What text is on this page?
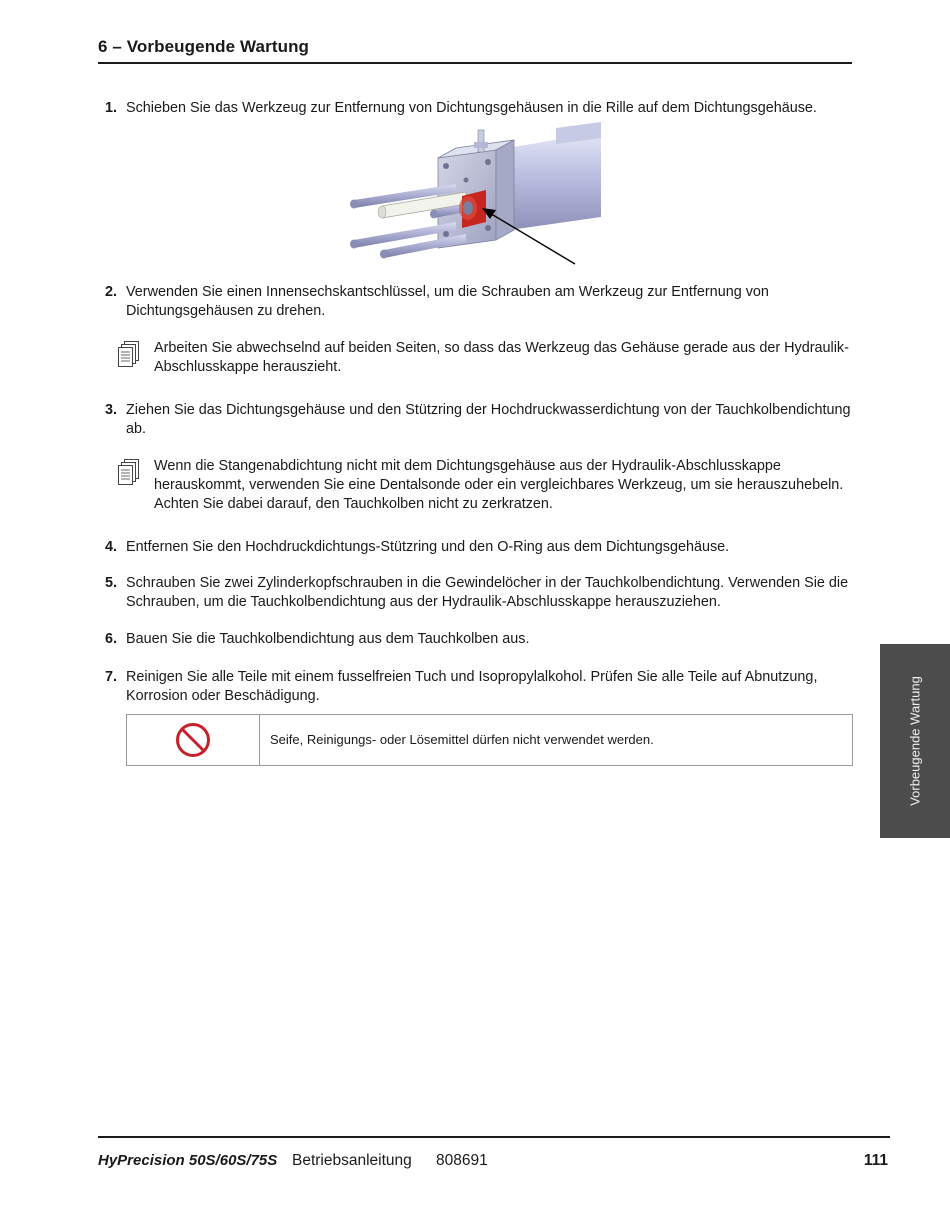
6 – Vorbeugende Wartung
1. Schieben Sie das Werkzeug zur Entfernung von Dichtungsgehäusen in die Rille auf dem Dichtungsgehäuse.
2. Verwenden Sie einen Innensechskantschlüssel, um die Schrauben am Werkzeug zur Entfernung von Dichtungsgehäusen zu drehen.
Arbeiten Sie abwechselnd auf beiden Seiten, so dass das Werkzeug das Gehäuse gerade aus der Hydraulik-Abschlusskappe herauszieht.
3. Ziehen Sie das Dichtungsgehäuse und den Stützring der Hochdruckwasserdichtung von der Tauchkolbendichtung ab.
Wenn die Stangenabdichtung nicht mit dem Dichtungsgehäuse aus der Hydraulik-Abschlusskappe herauskommt, verwenden Sie eine Dentalsonde oder ein vergleichbares Werkzeug, um sie herauszuhebeln. Achten Sie dabei darauf, den Tauchkolben nicht zu zerkratzen.
4. Entfernen Sie den Hochdruckdichtungs-Stützring und den O-Ring aus dem Dichtungsgehäuse.
5. Schrauben Sie zwei Zylinderkopfschrauben in die Gewindelöcher in der Tauchkolbendichtung. Verwenden Sie die Schrauben, um die Tauchkolbendichtung aus der Hydraulik-Abschlusskappe herauszuziehen.
6. Bauen Sie die Tauchkolbendichtung aus dem Tauchkolben aus.
7. Reinigen Sie alle Teile mit einem fusselfreien Tuch und Isopropylalkohol. Prüfen Sie alle Teile auf Abnutzung, Korrosion oder Beschädigung.
Seife, Reinigungs- oder Lösemittel dürfen nicht verwendet werden.	Vorbeugende Wartung
HyPrecision 50S/60S/75S Betriebsanleitung 808691	111
